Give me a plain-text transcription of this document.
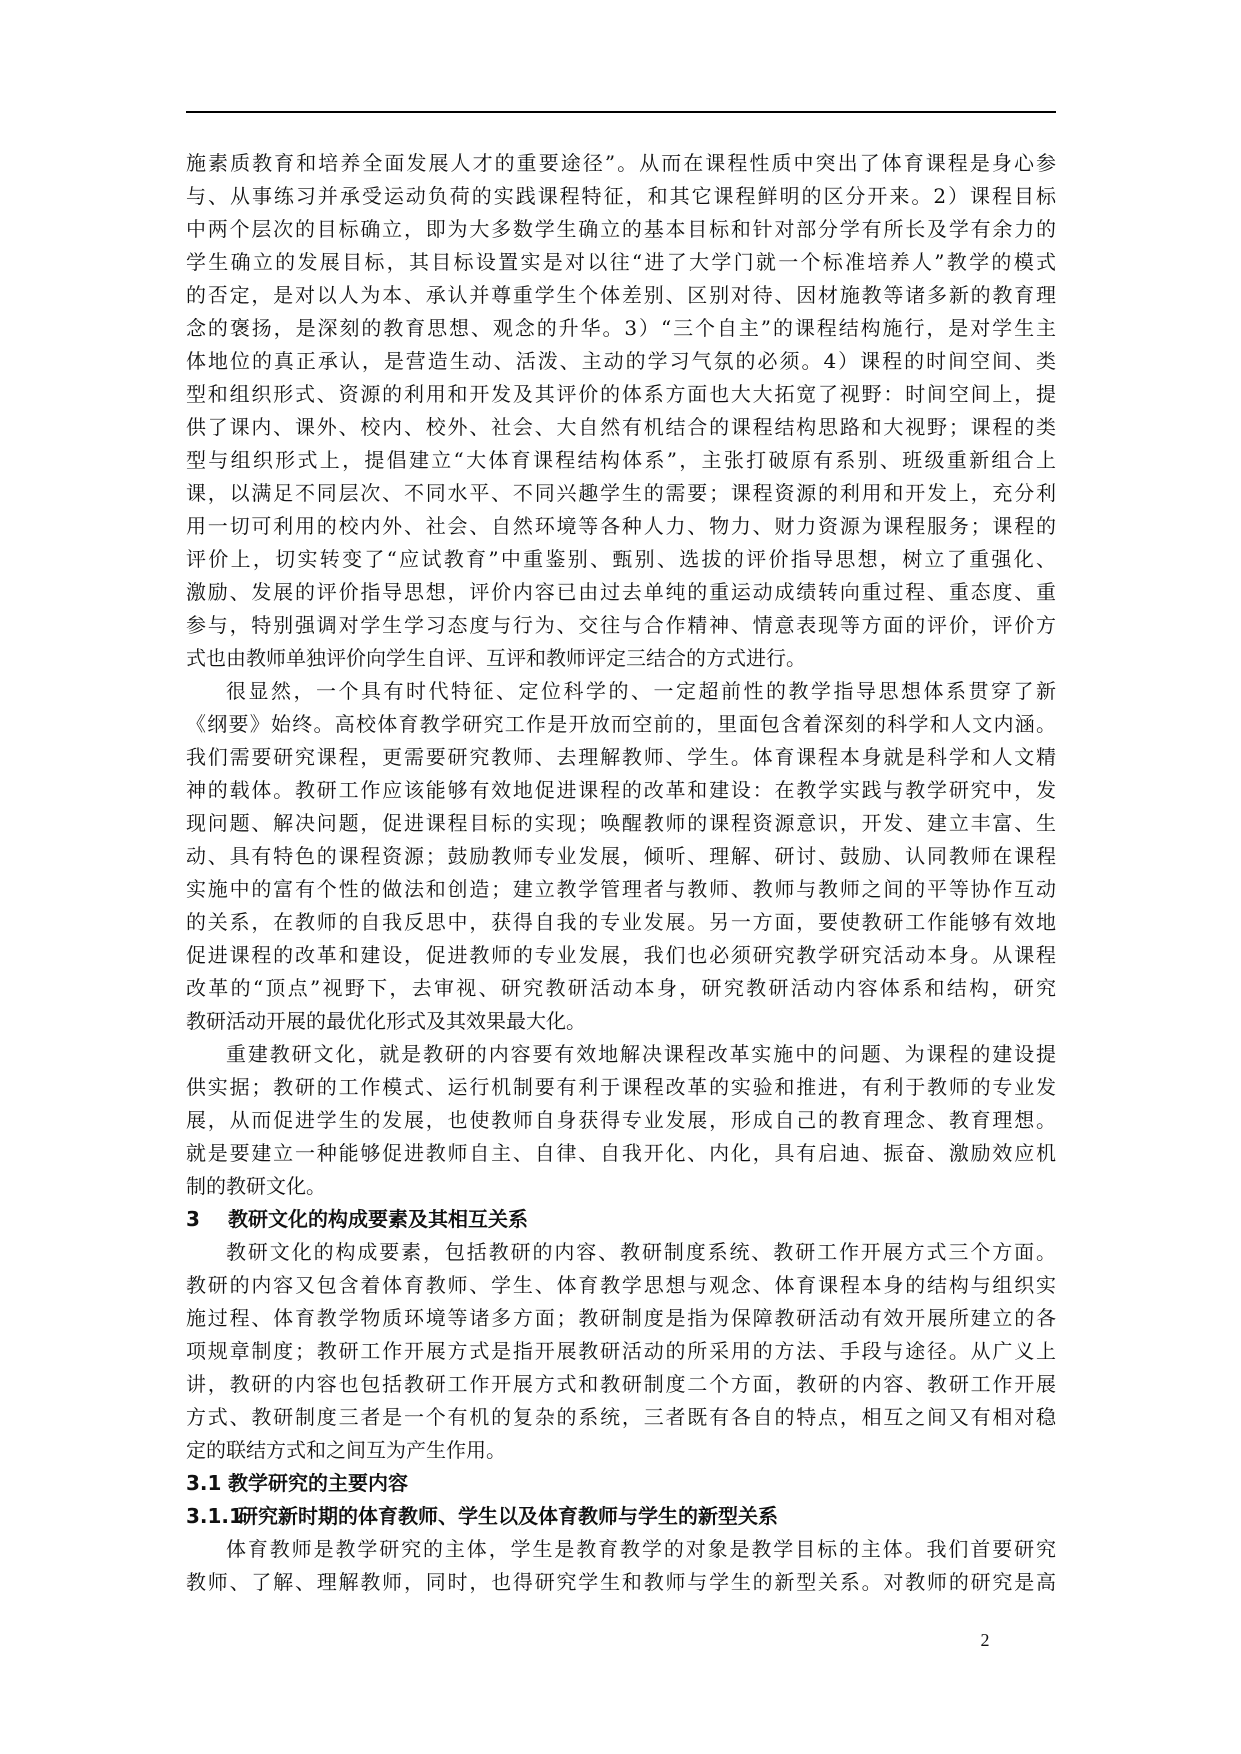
施素质教育和培养全面发展人才的重要途径”。从而在课程性质中突出了体育课程是身心参
与、从事练习并承受运动负荷的实践课程特征，和其它课程鲜明的区分开来。2）课程目标
中两个层次的目标确立，即为大多数学生确立的基本目标和针对部分学有所长及学有余力的
学生确立的发展目标，其目标设置实是对以往“进了大学门就一个标准培养人”教学的模式
的否定，是对以人为本、承认并尊重学生个体差别、区别对待、因材施教等诸多新的教育理
念的褒扬，是深刻的教育思想、观念的升华。3）“三个自主”的课程结构施行，是对学生主
体地位的真正承认，是营造生动、活泼、主动的学习气氛的必须。4）课程的时间空间、类
型和组织形式、资源的利用和开发及其评价的体系方面也大大拓宽了视野：时间空间上，提
供了课内、课外、校内、校外、社会、大自然有机结合的课程结构思路和大视野；课程的类
型与组织形式上，提倡建立“大体育课程结构体系”，主张打破原有系别、班级重新组合上
课，以满足不同层次、不同水平、不同兴趣学生的需要；课程资源的利用和开发上，充分利
用一切可利用的校内外、社会、自然环境等各种人力、物力、财力资源为课程服务；课程的
评价上，切实转变了“应试教育”中重鉴别、甄别、选拔的评价指导思想，树立了重强化、
激励、发展的评价指导思想，评价内容已由过去单纯的重运动成绩转向重过程、重态度、重
参与，特别强调对学生学习态度与行为、交往与合作精神、情意表现等方面的评价，评价方
式也由教师单独评价向学生自评、互评和教师评定三结合的方式进行。
很显然，一个具有时代特征、定位科学的、一定超前性的教学指导思想体系贯穿了新
《纲要》始终。高校体育教学研究工作是开放而空前的，里面包含着深刻的科学和人文内涵。
我们需要研究课程，更需要研究教师、去理解教师、学生。体育课程本身就是科学和人文精
神的载体。教研工作应该能够有效地促进课程的改革和建设：在教学实践与教学研究中，发
现问题、解决问题，促进课程目标的实现；唤醒教师的课程资源意识，开发、建立丰富、生
动、具有特色的课程资源；鼓励教师专业发展，倾听、理解、研讨、鼓励、认同教师在课程
实施中的富有个性的做法和创造；建立教学管理者与教师、教师与教师之间的平等协作互动
的关系，在教师的自我反思中，获得自我的专业发展。另一方面，要使教研工作能够有效地
促进课程的改革和建设，促进教师的专业发展，我们也必须研究教学研究活动本身。从课程
改革的“顶点”视野下，去审视、研究教研活动本身，研究教研活动内容体系和结构，研究
教研活动开展的最优化形式及其效果最大化。
重建教研文化，就是教研的内容要有效地解决课程改革实施中的问题、为课程的建设提
供实据；教研的工作模式、运行机制要有利于课程改革的实验和推进，有利于教师的专业发
展，从而促进学生的发展，也使教师自身获得专业发展，形成自己的教育理念、教育理想。
就是要建立一种能够促进教师自主、自律、自我开化、内化，具有启迪、振奋、激励效应机
制的教研文化。
3 教研文化的构成要素及其相互关系
教研文化的构成要素，包括教研的内容、教研制度系统、教研工作开展方式三个方面。
教研的内容又包含着体育教师、学生、体育教学思想与观念、体育课程本身的结构与组织实
施过程、体育教学物质环境等诸多方面；教研制度是指为保障教研活动有效开展所建立的各
项规章制度；教研工作开展方式是指开展教研活动的所采用的方法、手段与途径。从广义上
讲，教研的内容也包括教研工作开展方式和教研制度二个方面，教研的内容、教研工作开展
方式、教研制度三者是一个有机的复杂的系统，三者既有各自的特点，相互之间又有相对稳
定的联结方式和之间互为产生作用。
3.1 教学研究的主要内容
3.1.1研究新时期的体育教师、学生以及体育教师与学生的新型关系
体育教师是教学研究的主体，学生是教育教学的对象是教学目标的主体。我们首要研究
教师、了解、理解教师，同时，也得研究学生和教师与学生的新型关系。对教师的研究是高
2
